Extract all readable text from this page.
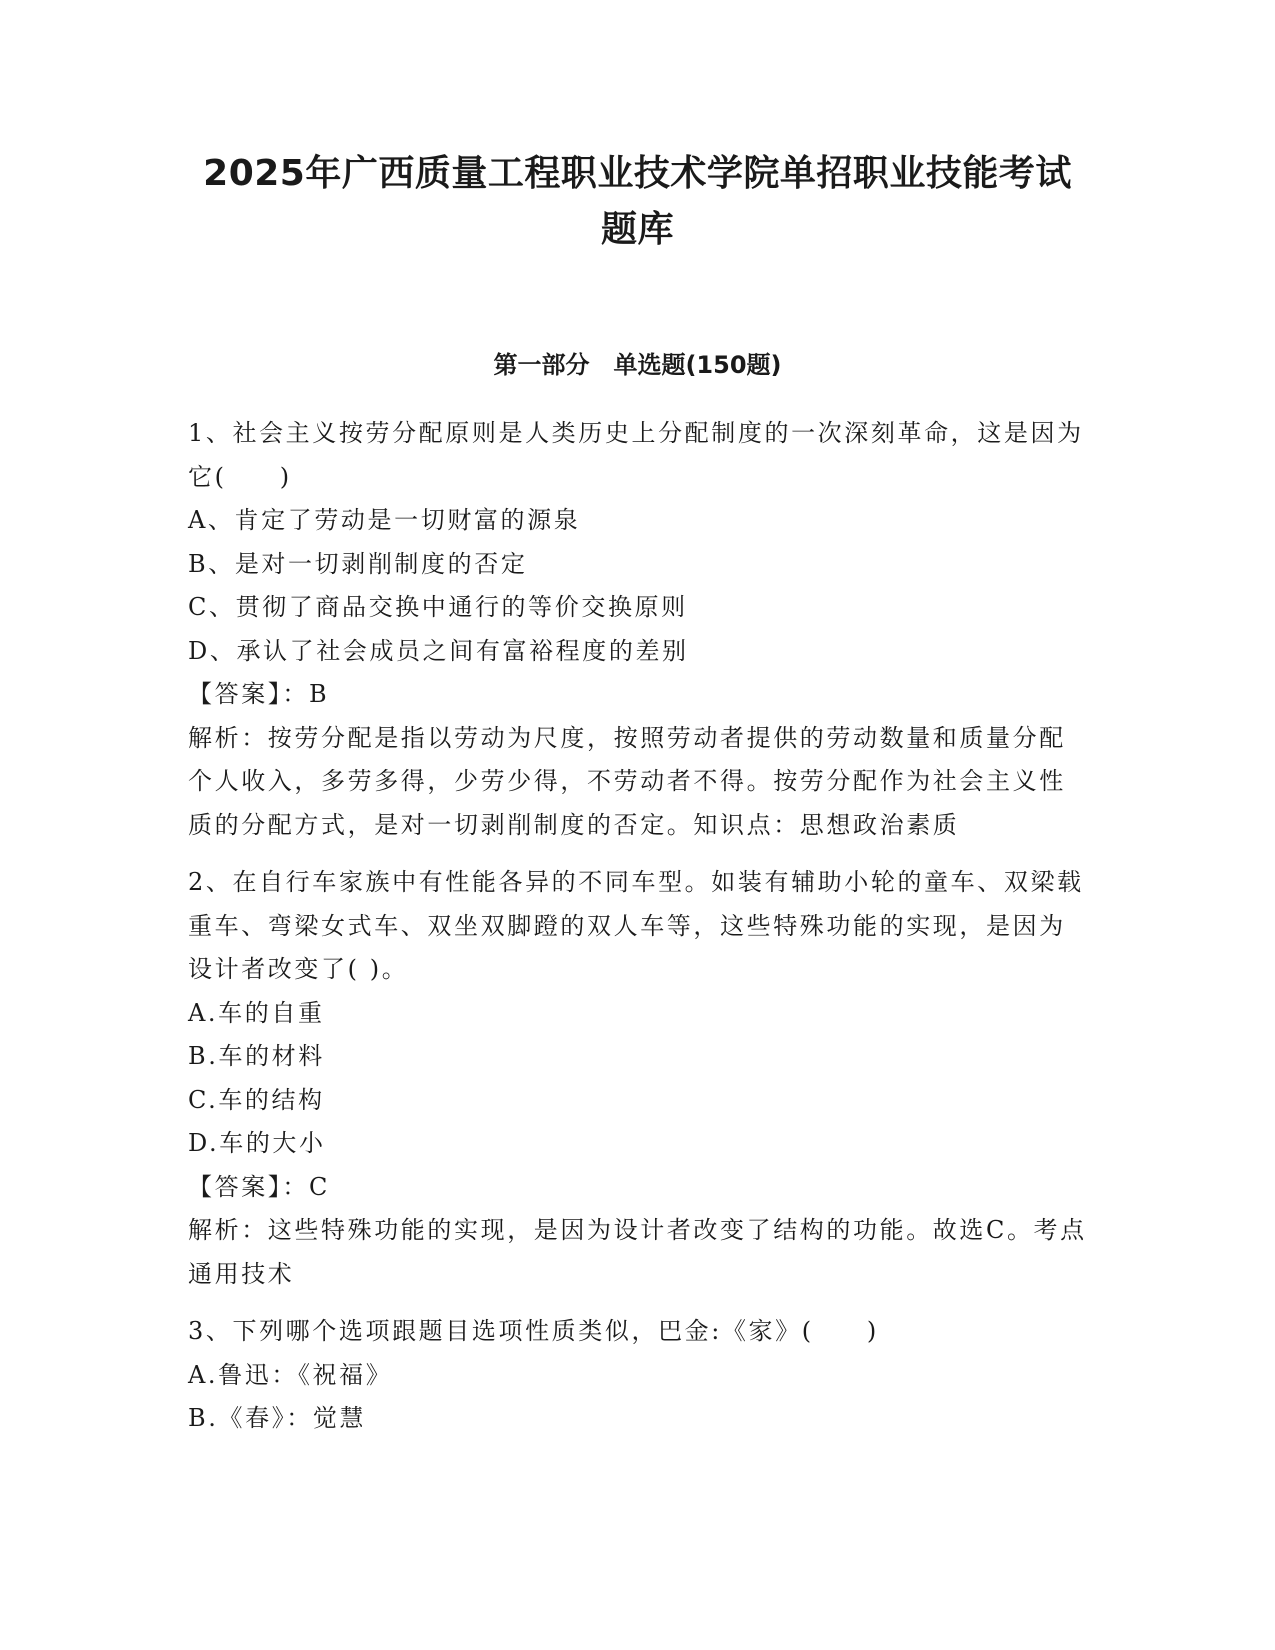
2025年广西质量工程职业技术学院单招职业技能考试
题库
第一部分　单选题(150题)

1、社会主义按劳分配原则是人类历史上分配制度的一次深刻革命，这是因为它(　　)

A、肯定了劳动是一切财富的源泉

B、是对一切剥削制度的否定

C、贯彻了商品交换中通行的等价交换原则

D、承认了社会成员之间有富裕程度的差别

【答案】：B

解析：按劳分配是指以劳动为尺度，按照劳动者提供的劳动数量和质量分配个人收入，多劳多得，少劳少得，不劳动者不得。按劳分配作为社会主义性质的分配方式，是对一切剥削制度的否定。知识点：思想政治素质

2、在自行车家族中有性能各异的不同车型。如装有辅助小轮的童车、双梁载重车、弯梁女式车、双坐双脚蹬的双人车等，这些特殊功能的实现，是因为设计者改变了( )。

A.车的自重

B.车的材料

C.车的结构

D.车的大小

【答案】：C

解析：这些特殊功能的实现，是因为设计者改变了结构的功能。故选C。考点通用技术

3、下列哪个选项跟题目选项性质类似，巴金:《家》(　　)

A.鲁迅：《祝福》

B.《春》：觉慧
